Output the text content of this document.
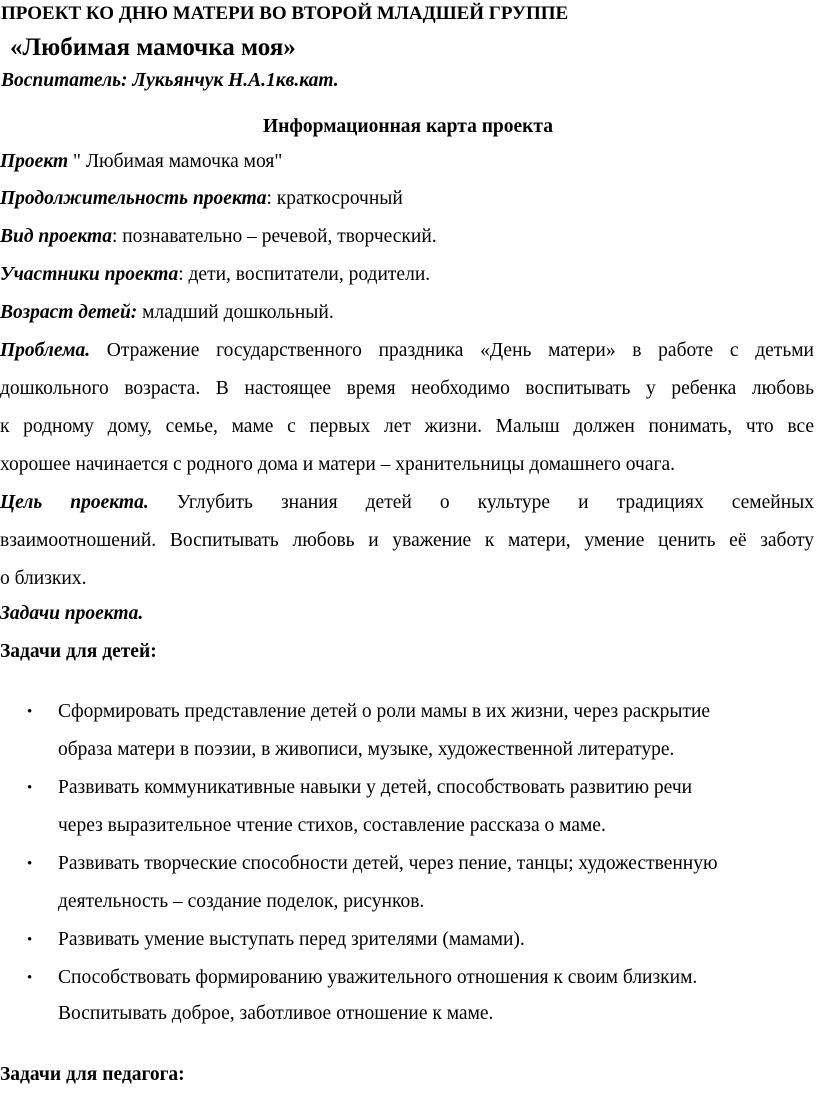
ПРОЕКТ КО ДНЮ МАТЕРИ ВО ВТОРОЙ МЛАДШЕЙ ГРУППЕ
«Любимая мамочка моя»
Воспитатель: Лукьянчук Н.А.1кв.кат.
Информационная карта проекта
Проект " Любимая мамочка моя"
Продолжительность проекта: краткосрочный
Вид проекта: познавательно – речевой, творческий.
Участники проекта: дети, воспитатели, родители.
Возраст детей: младший дошкольный.
Проблема. Отражение государственного праздника «День матери» в работе с детьми
дошкольного возраста. В настоящее время необходимо воспитывать у ребенка любовь
к родному дому, семье, маме с первых лет жизни. Малыш должен понимать, что все
хорошее начинается с родного дома и матери – хранительницы домашнего очага.
Цель проекта. Углубить знания детей о культуре и традициях семейных
взаимоотношений. Воспитывать любовь и уважение к матери, умение ценить её заботу
о близких.
Задачи проекта.
Задачи для детей:
• Сформировать представление детей о роли мамы в их жизни, через раскрытие
образа матери в поэзии, в живописи, музыке, художественной литературе.
• Развивать коммуникативные навыки у детей, способствовать развитию речи
через выразительное чтение стихов, составление рассказа о маме.
• Развивать творческие способности детей, через пение, танцы; художественную
деятельность – создание поделок, рисунков.
• Развивать умение выступать перед зрителями (мамами).
• Способствовать формированию уважительного отношения к своим близким.
Воспитывать доброе, заботливое отношение к маме.
Задачи для педагога:
